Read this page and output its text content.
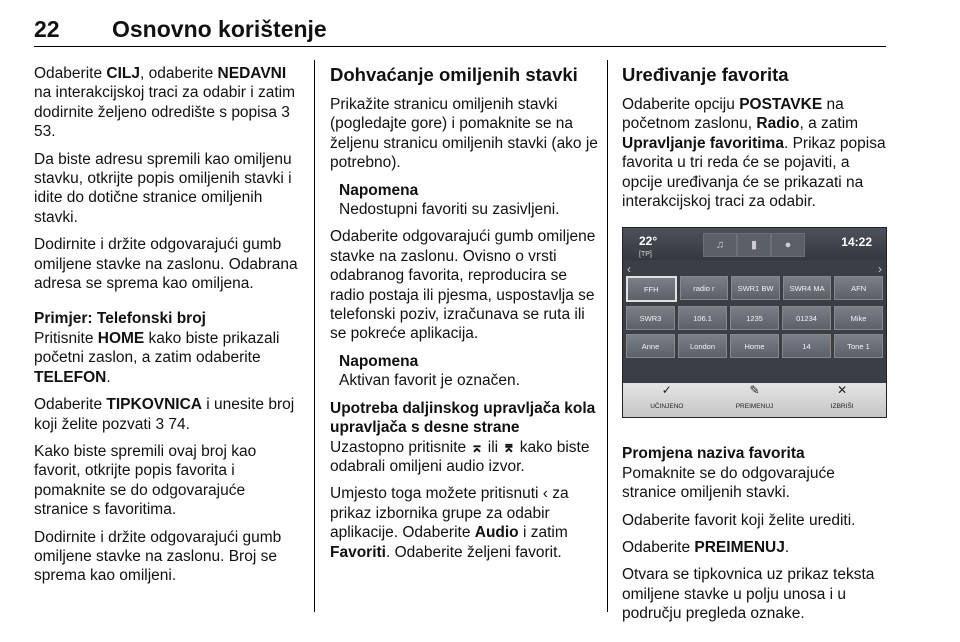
22 Osnovno korištenje

Odaberite CILJ, odaberite NEDAVNI na interakcijskoj traci za odabir i zatim dodirnite željeno odredište s popisa 3 53.

Da biste adresu spremili kao omiljenu stavku, otkrijte popis omiljenih stavki i idite do dotične stranice omiljenih stavki.

Dodirnite i držite odgovarajući gumb omiljene stavke na zaslonu. Odabrana adresa se sprema kao omiljena.

Primjer: Telefonski broj

Pritisnite HOME kako biste prikazali početni zaslon, a zatim odaberite TELEFON.

Odaberite TIPKOVNICA i unesite broj koji želite pozvati 3 74.

Kako biste spremili ovaj broj kao favorit, otkrijte popis favorita i pomaknite se do odgovarajuće stranice s favoritima.

Dodirnite i držite odgovarajući gumb omiljene stavke na zaslonu. Broj se sprema kao omiljeni.

Dohvaćanje omiljenih stavki

Prikažite stranicu omiljenih stavki (pogledajte gore) i pomaknite se na željenu stranicu omiljenih stavki (ako je potrebno).

Napomena

Nedostupni favoriti su zasivljeni.

Odaberite odgovarajući gumb omiljene stavke na zaslonu. Ovisno o vrsti odabranog favorita, reproducira se radio postaja ili pjesma, uspostavlja se telefonski poziv, izračunava se ruta ili se pokreće aplikacija.

Napomena

Aktivan favorit je označen.

Upotreba daljinskog upravljača kola upravljača s desne strane

Uzastopno pritisnite ⌅ ili ⌆ kako biste odabrali omiljeni audio izvor.

Umjesto toga možete pritisnuti ‹ za prikaz izbornika grupe za odabir aplikacije. Odaberite Audio i zatim Favoriti. Odaberite željeni favorit.

Uređivanje favorita

Odaberite opciju POSTAVKE na početnom zaslonu, Radio, a zatim Upravljanje favoritima. Prikaz popisa favorita u tri reda će se pojaviti, a opcije uređivanja će se prikazati na interakcijskoj traci za odabir.

22°
[TP]
♫	▮	●	14:22
‹	›
FFH	radio r	SWR1 BW	SWR4 MA	AFN
SWR3	106.1	1235	01234	Mike
Anne	London	Home	14	Tone 1
✓
UČINJENO
✎
PREIMENUJ
✕
IZBRIŠI
Promjena naziva favorita

Pomaknite se do odgovarajuće stranice omiljenih stavki.

Odaberite favorit koji želite urediti.

Odaberite PREIMENUJ.

Otvara se tipkovnica uz prikaz teksta omiljene stavke u polju unosa i u području pregleda oznake.
